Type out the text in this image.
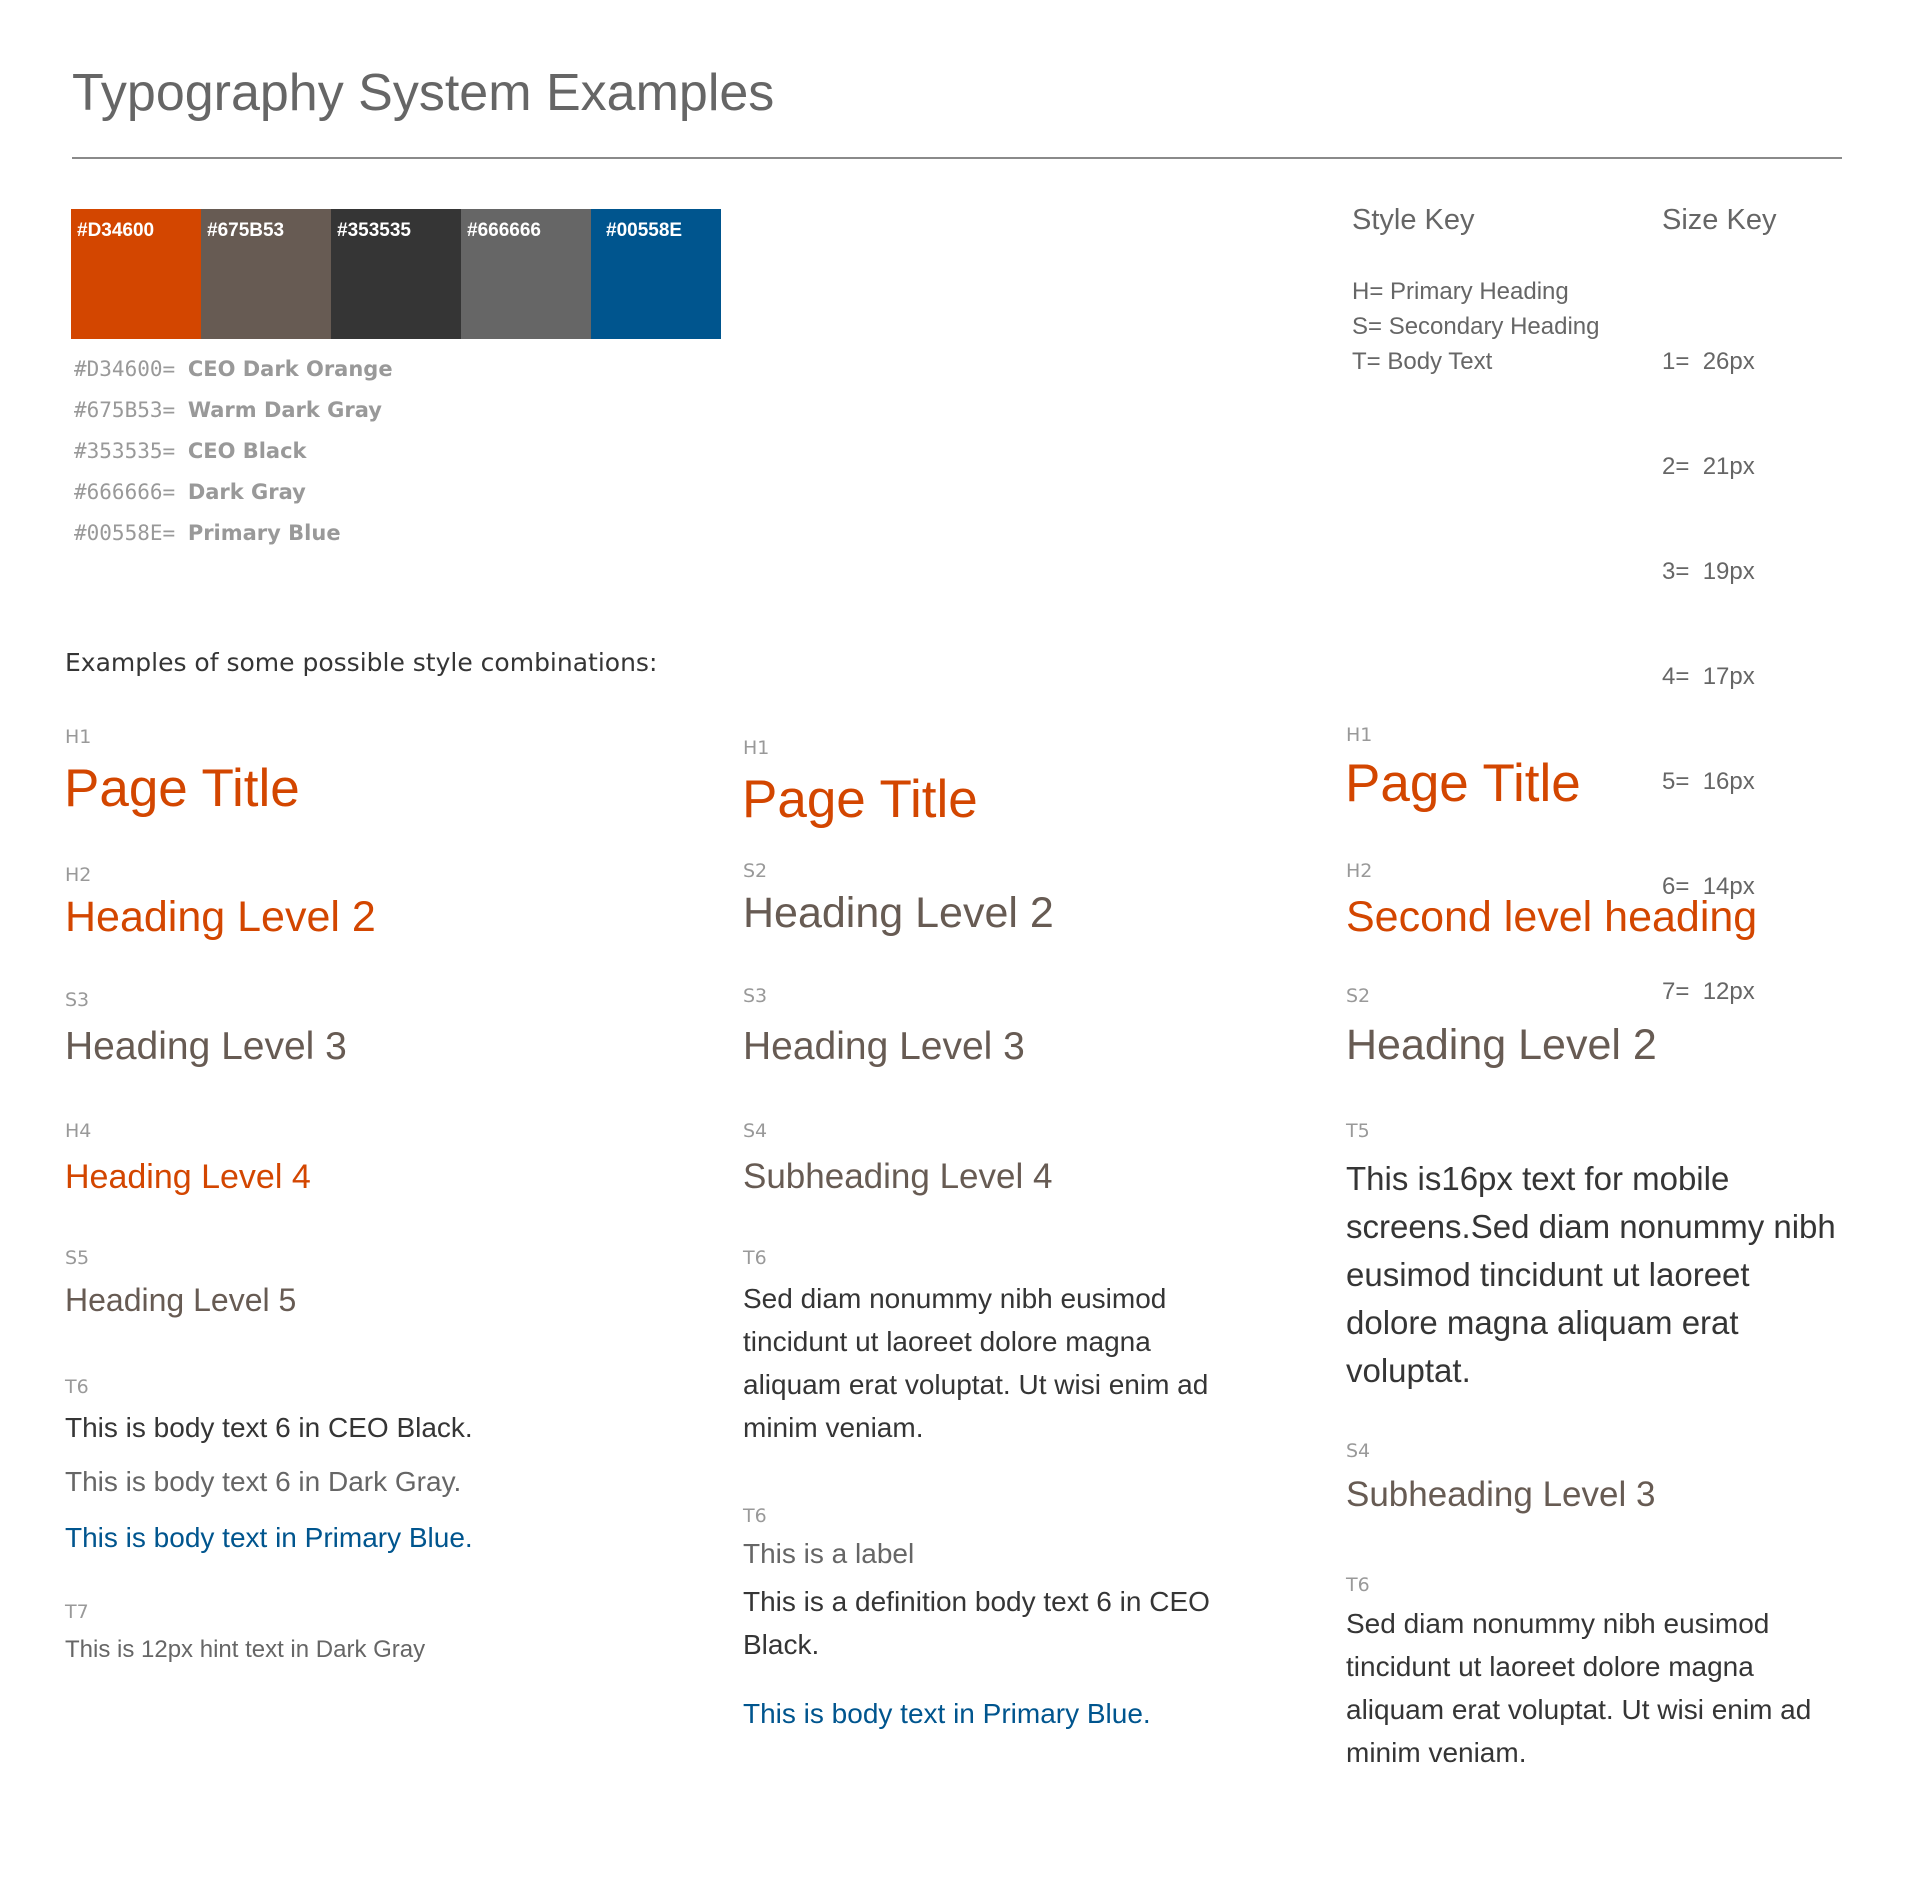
Typography System Examples
#D34600	#675B53	#353535	#666666	#00558E
#D34600= CEO Dark Orange
#675B53= Warm Dark Gray
#353535= CEO Black
#666666= Dark Gray
#00558E= Primary Blue
Style Key
H= Primary Heading
S= Secondary Heading
T= Body Text
Size Key

1=  26px

2=  21px

3=  19px

4=  17px

5=  16px

6=  14px

7=  12px

Examples of some possible style combinations:
H1
Page Title
H2
Heading Level 2
S3
Heading Level 3
H4
Heading Level 4
S5
Heading Level 5
T6
This is body text 6 in CEO Black.
This is body text 6 in Dark Gray.
This is body text in Primary Blue.
T7
This is 12px hint text in Dark Gray
H1
Page Title
S2
Heading Level 2
S3
Heading Level 3
S4
Subheading Level 4
T6
Sed diam nonummy nibh eusimod tincidunt ut laoreet dolore magna aliquam erat voluptat. Ut wisi enim ad minim veniam.
T6
This is a label
This is a definition body text 6 in CEO Black.
This is body text in Primary Blue.
H1
Page Title
H2
Second level heading
S2
Heading Level 2
T5
This is16px text for mobile screens.Sed diam nonummy nibh eusimod tincidunt ut laoreet dolore magna aliquam erat voluptat.
S4
Subheading Level 3
T6
Sed diam nonummy nibh eusimod tincidunt ut laoreet dolore magna aliquam erat voluptat. Ut wisi enim ad minim veniam.
